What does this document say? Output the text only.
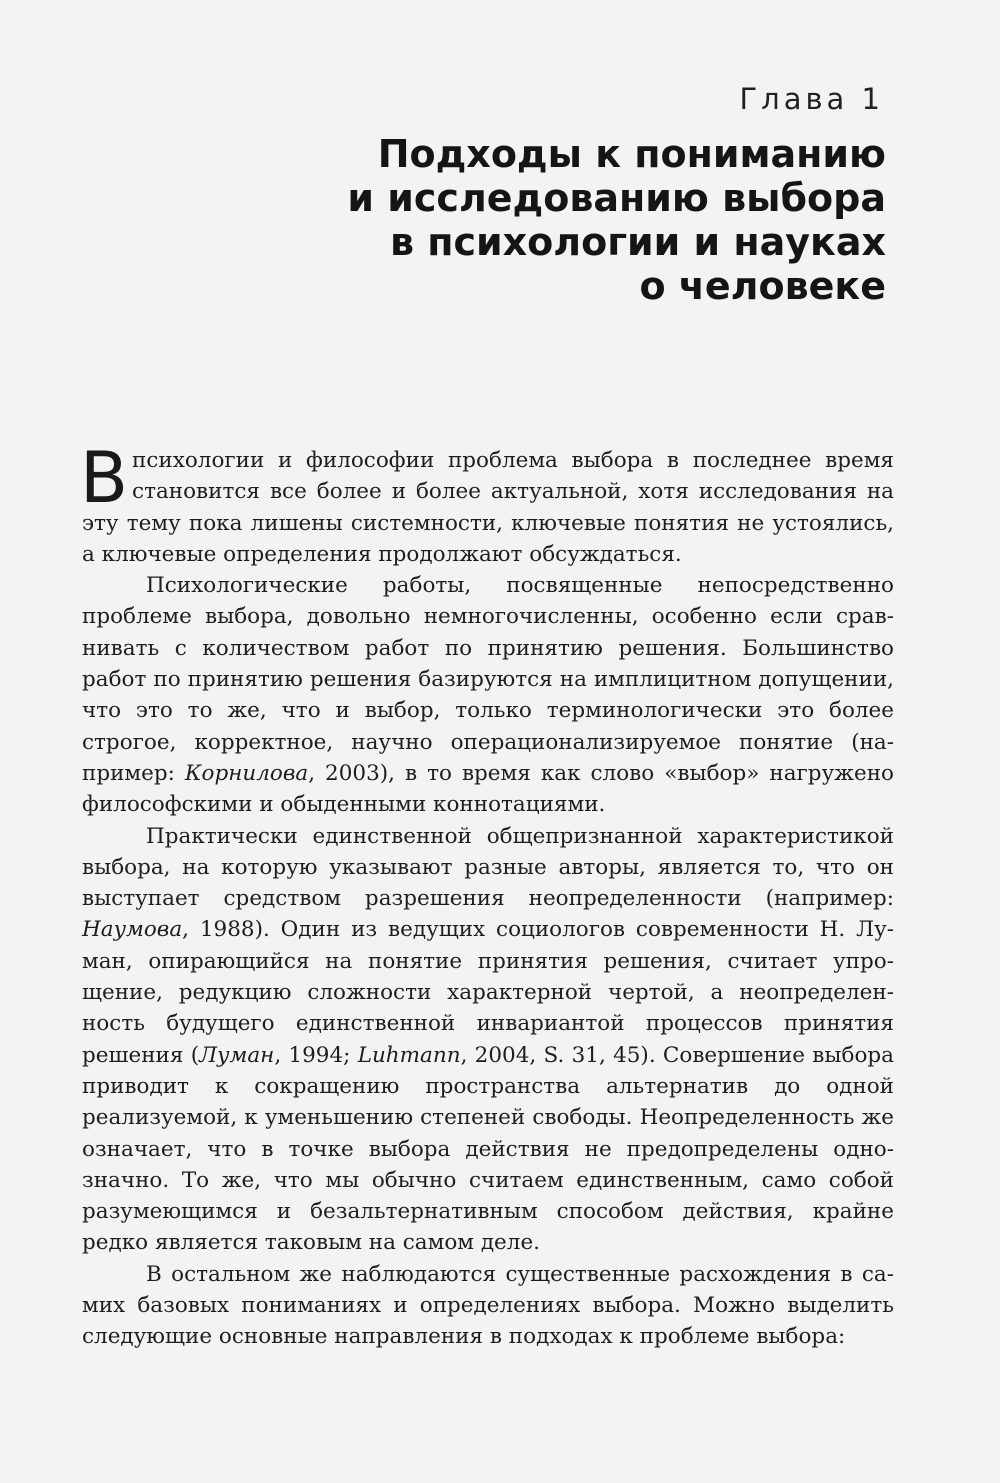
Глава 1
Подходы к пониманию
и исследованию выбора
в психологии и науках
о человеке

Впсихологии и философии проблема выбора в последнее время становится все более и более актуальной, хотя исследования на эту тему пока лишены системности, ключевые понятия не устоялись, а ключевые определения продолжают обсуждаться.

Психологические работы, посвященные непосредственно проблеме выбора, довольно немногочисленны, особенно если сравнивать с количеством работ по принятию решения. Большинство работ по принятию решения базируются на имплицитном допущении, что это то же, что и выбор, только терминологически это более строгое, корректное, научно операционализируемое понятие (например: Корнилова, 2003), в то время как слово «выбор» нагружено философскими и обыденными коннотациями.

Практически единственной общепризнанной характеристикой выбора, на которую указывают разные авторы, является то, что он выступает средством разрешения неопределенности (например: Наумова, 1988). Один из ведущих социологов современности Н. Луман, опирающийся на понятие принятия решения, считает упрощение, редукцию сложности характерной чертой, а неопределенность будущего единственной инвариантой процессов принятия решения (Луман, 1994; Luhmann, 2004, S. 31, 45). Совершение выбора приводит к сокращению пространства альтернатив до одной реализуемой, к уменьшению степеней свободы. Неопределенность же означает, что в точке выбора действия не предопределены однозначно. То же, что мы обычно считаем единственным, само собой разумеющимся и безальтернативным способом действия, крайне редко является таковым на самом деле.

В остальном же наблюдаются существенные расхождения в самих базовых пониманиях и определениях выбора. Можно выделить следующие основные направления в подходах к проблеме выбора:
